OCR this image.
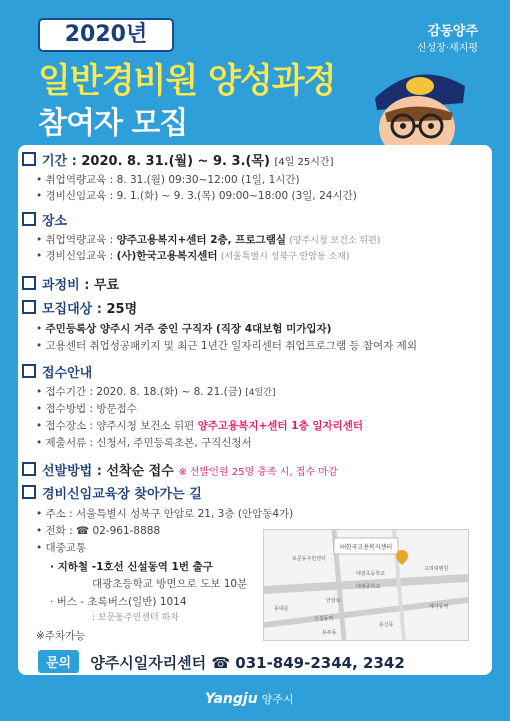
2020년
일반경비원 양성과정
참여자 모집
감동양주
신성장·새지평
기간 : 2020. 8. 31.(월) ~ 9. 3.(목) [4일 25시간]
• 취업역량교육 : 8. 31.(월) 09:30~12:00 (1일, 1시간)
• 경비신임교육 : 9. 1.(화) ~ 9. 3.(목) 09:00~18:00 (3일, 24시간)
장소
• 취업역량교육 : 양주고용복지+센터 2층, 프로그램실 (양주시청 보건소 뒤편)
• 경비신임교육 : (사)한국고용복지센터 (서울특별시 성북구 안암동 소재)
과정비 : 무료
모집대상 : 25명
• 주민등록상 양주시 거주 중인 구직자 (직장 4대보험 미가입자)
• 고용센터 취업성공패키지 및 최근 1년간 일자리센터 취업프로그램 등 참여자 제외
접수안내
• 접수기간 : 2020. 8. 18.(화) ~ 8. 21.(금) [4일간]
• 접수방법 : 방문접수
• 접수장소 : 양주시청 보건소 뒤편 양주고용복지+센터 1층 일자리센터
• 제출서류 : 신청서, 주민등록초본, 구직신청서
선발방법 : 선착순 접수 ※ 선발인원 25명 충족 시, 접수 마감
경비신임교육장 찾아가는 길
• 주소 : 서울특별시 성북구 안암로 21, 3층 (안암동4가)
• 전화 : ☎ 02-961-8888
• 대중교통
· 지하철 -1호선 신설동역 1번 출구
대광초등학교 방면으로 도보 10분
· 버스 - 초록버스(일반) 1014
: 보문동주민센터 하차
※주차가능
㈔한국고용복지센터
보문동주민센터
대광초등학교
대광중학교
안암로
신설동역
동대문
고려대병원
제기동역
용두동
용신동
문의 양주시일자리센터 ☎ 031-849-2344, 2342
Yangju 양주시
